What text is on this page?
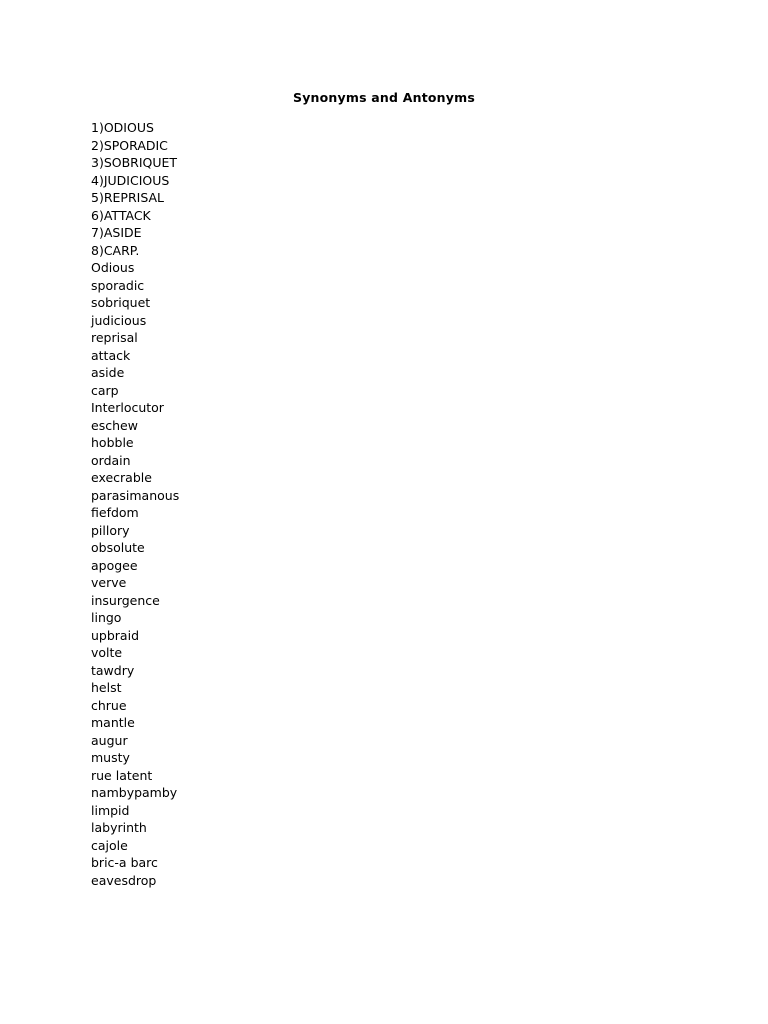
Synonyms and Antonyms
1)ODIOUS
2)SPORADIC
3)SOBRIQUET
4)JUDICIOUS
5)REPRISAL
6)ATTACK
7)ASIDE
8)CARP.
Odious
sporadic
sobriquet
judicious
reprisal
attack
aside
carp
Interlocutor
eschew
hobble
ordain
execrable
parasimanous
fiefdom
pillory
obsolute
apogee
verve
insurgence
lingo
upbraid
volte
tawdry
helst
chrue
mantle
augur
musty
rue latent
nambypamby
limpid
labyrinth
cajole
bric-a barc
eavesdrop
